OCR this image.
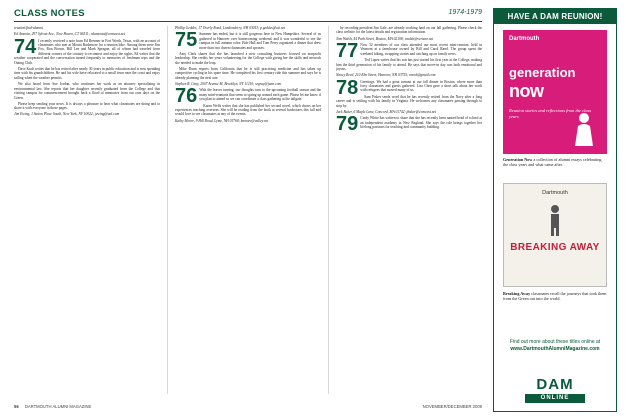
CLASS NOTES	1974-1979

reunion/find-alumni.

Ed Amenta, 297 Sylvan Ave., New Haven, CT 06511; edamenta@comcast.net

74 I recently received a note from Ed Brenner in Fort Worth, Texas, with an account of classmates who met at Mount Rushmore for a reunion hike. Among them were Jim Fox, Ron Brown, Bill Lee and Mark Sprague, all of whom had traveled from different corners of the country to reconnect and enjoy the sights. Ed writes that the weather cooperated and the conversation turned frequently to memories of freshman trips and the Outing Club.

Dave Kraft writes that he has retired after nearly 30 years in public education and is now spending time with his grandchildren. He and his wife have relocated to a small town near the coast and enjoy sailing when the weather permits.

We also heard from Sue Jordan, who continues her work as an attorney specializing in environmental law. She reports that her daughter recently graduated from the College and that visiting campus for commencement brought back a flood of memories from our own days on the Green.

Please keep sending your news. It is always a pleasure to hear what classmates are doing and to share it with everyone in these pages.

Jim Ewing, 1 Sutton Place South, New York, NY 10022; jewing@aol.com

Phillip Geddes, 17 Overly Road, Londonderry, NH 03053; p.geddes@att.net

75 Summer has ended, but it is still gorgeous here in New Hampshire. Several of us gathered in Hanover over homecoming weekend, and it was wonderful to see the campus in full autumn color. Bob Hall and Tom Perry organized a dinner that drew more than two dozen classmates and spouses.

Amy Clark shares that she has launched a new consulting business focused on nonprofit leadership. She credits her years volunteering for the College with giving her the skills and network she needed to make the leap.

Mike Dunn reports from California that he is still practicing medicine and has taken up competitive cycling in his spare time. He completed his first century ride this summer and says he is already planning the next one.

Stephen R. Gray, 2007 Avenue M, Brooklyn, NY 11210; srgray@juno.com

76 With the leaves turning, our thoughts turn to the upcoming football season and the many mini-reunions that seem to spring up around each game. Please let me know if you plan to attend so we can coordinate a class gathering at the tailgate.

Karen Wells writes that she has published her second novel, which draws on her experiences teaching overseas. She will be reading from the book at several bookstores this fall and would love to see classmates at any of the events.

Kathy Moore, 9 Hill Road, Lyme, NH 03768; kmoore@valley.net

by recording president Jim Gale, are already working hard on our fall gathering. Please check the class website for the latest details and registration information.

Tom Walsh, 44 Park Street, Boston, MA 02108; twalsh@verizon.net

77 Now 32 members of our class attended our most recent mini-reunion, held in Vermont at a farmhouse owned by Bill and Carol Rand. The group spent the weekend hiking, swapping stories and catching up on family news.

Ted Lopez writes that his son has just started his first year at the College, making him the third generation of his family to attend. He says that move-in day was both emotional and joyous.

Nancy Reed, 210 Elm Street, Hanover, NH 03755; nreed@gmail.com

78 Greetings. We had a great turnout at our fall dinner in Boston, where more than forty classmates and guests gathered. Lisa Chen gave a short talk about her work with refugees that moved many of us.

Sam Fisher sends word that he has recently retired from the Navy after a long career and is settling with his family in Virginia. He welcomes any classmates passing through to stop by.

Jack Baker, 6 Maple Lane, Concord, MA 01742; jbaker@comcast.net

79 Cindy White has written to share that she has recently been named head of school at an independent academy in New England. She says the role brings together her lifelong passions for teaching and community building.

56 DARTMOUTH ALUMNI MAGAZINE	NOVEMBER/DECEMBER 2009
HAVE A DAM REUNION!
Dartmouth
generation
now
Reunion stories and reflections from the class years
Generation Now a collection of alumni essays celebrating the class years and what came after.
Dartmouth
BREAKING AWAY
Breaking Away classmates recall the journeys that took them from the Green out into the world.
Find out more about these titles online at
www.DartmouthAlumniMagazine.com
DAM
ONLINE
